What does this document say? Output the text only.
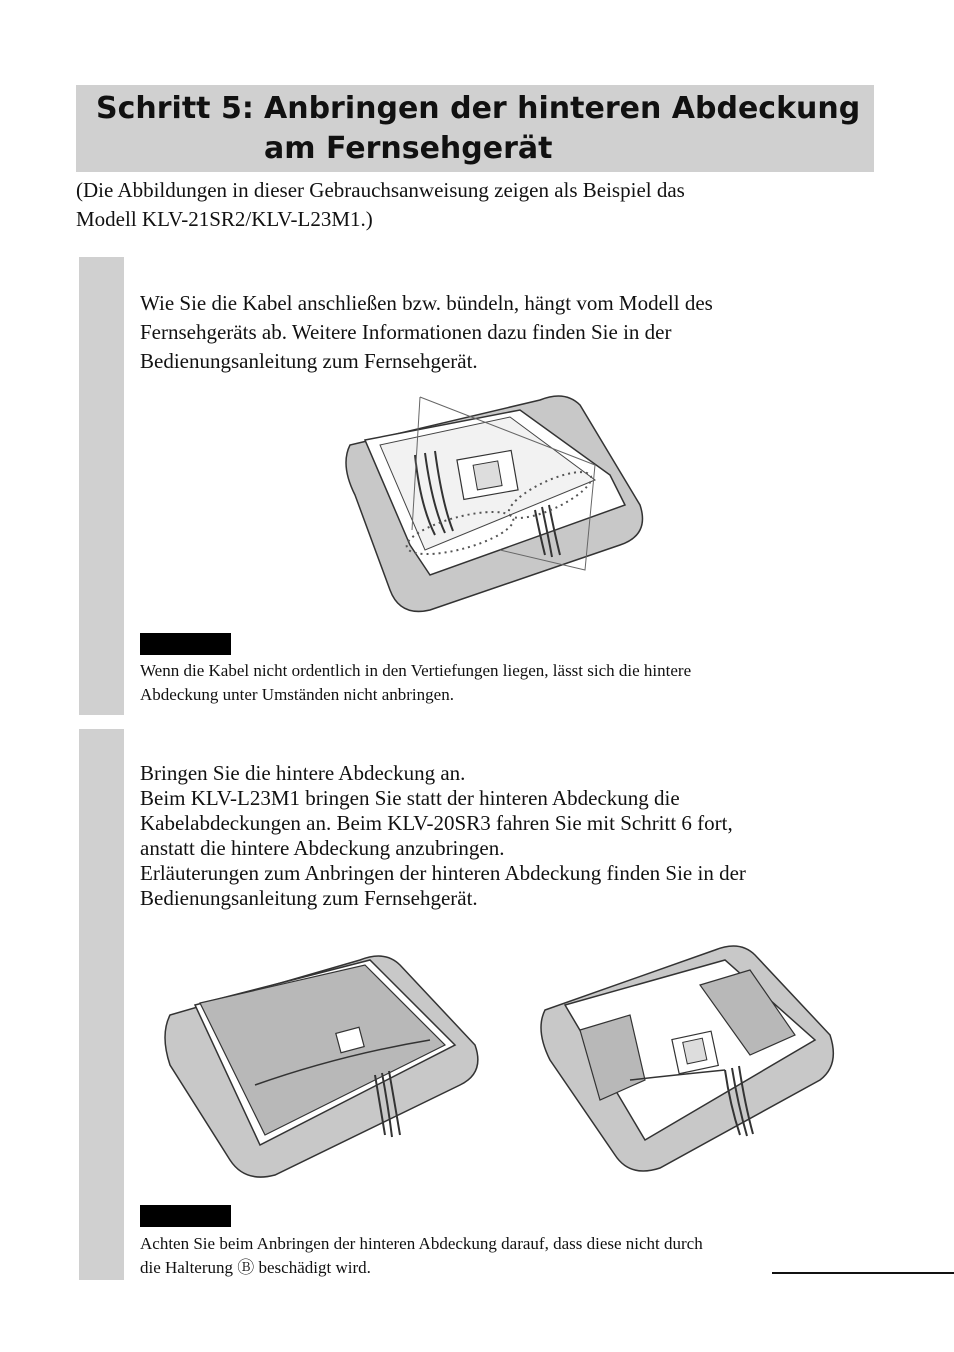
Schritt 5: Anbringen der hinteren Abdeckung
am Fernsehgerät
(Die Abbildungen in dieser Gebrauchsanweisung zeigen als Beispiel das
Modell KLV-21SR2/KLV-L23M1.)
Wie Sie die Kabel anschließen bzw. bündeln, hängt vom Modell des
Fernsehgeräts ab. Weitere Informationen dazu finden Sie in der
Bedienungsanleitung zum Fernsehgerät.
Wenn die Kabel nicht ordentlich in den Vertiefungen liegen, lässt sich die hintere
Abdeckung unter Umständen nicht anbringen.
Bringen Sie die hintere Abdeckung an.
Beim KLV-L23M1 bringen Sie statt der hinteren Abdeckung die
Kabelabdeckungen an. Beim KLV-20SR3 fahren Sie mit Schritt 6 fort,
anstatt die hintere Abdeckung anzubringen.
Erläuterungen zum Anbringen der hinteren Abdeckung finden Sie in der
Bedienungsanleitung zum Fernsehgerät.
Achten Sie beim Anbringen der hinteren Abdeckung darauf, dass diese nicht durch
die Halterung Ⓑ beschädigt wird.
